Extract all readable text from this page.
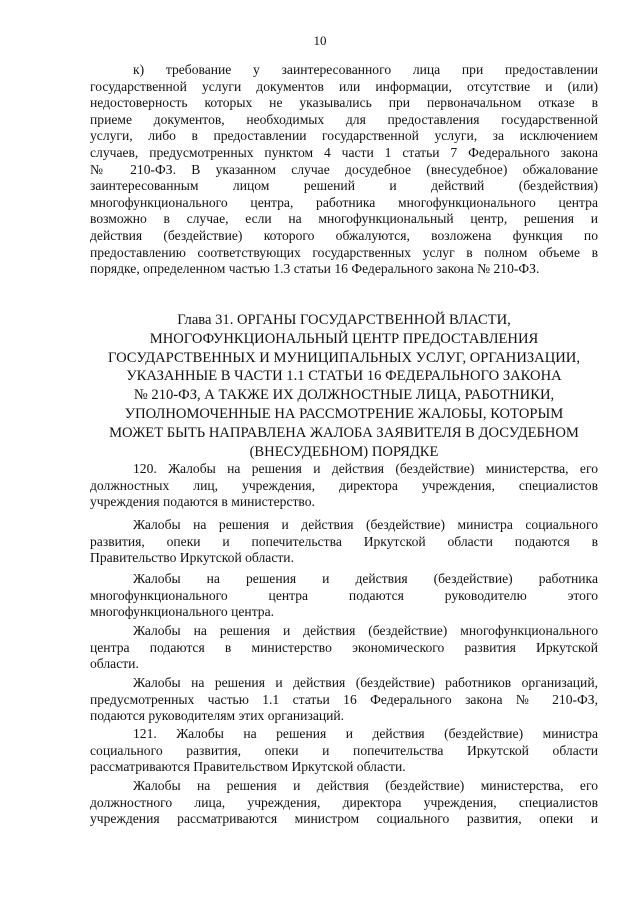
10
к) требование у заинтересованного лица при предоставлении
государственной услуги документов или информации, отсутствие и (или)
недостоверность которых не указывались при первоначальном отказе в
приеме документов, необходимых для предоставления государственной
услуги, либо в предоставлении государственной услуги, за исключением
случаев, предусмотренных пунктом 4 части 1 статьи 7 Федерального закона
№ 210-ФЗ. В указанном случае досудебное (внесудебное) обжалование
заинтересованным лицом решений и действий (бездействия)
многофункционального центра, работника многофункционального центра
возможно в случае, если на многофункциональный центр, решения и
действия (бездействие) которого обжалуются, возложена функция по
предоставлению соответствующих государственных услуг в полном объеме в
порядке, определенном частью 1.3 статьи 16 Федерального закона № 210-ФЗ.
Глава 31. ОРГАНЫ ГОСУДАРСТВЕННОЙ ВЛАСТИ,
МНОГОФУНКЦИОНАЛЬНЫЙ ЦЕНТР ПРЕДОСТАВЛЕНИЯ
ГОСУДАРСТВЕННЫХ И МУНИЦИПАЛЬНЫХ УСЛУГ, ОРГАНИЗАЦИИ,
УКАЗАННЫЕ В ЧАСТИ 1.1 СТАТЬИ 16 ФЕДЕРАЛЬНОГО ЗАКОНА
№ 210-ФЗ, А ТАКЖЕ ИХ ДОЛЖНОСТНЫЕ ЛИЦА, РАБОТНИКИ,
УПОЛНОМОЧЕННЫЕ НА РАССМОТРЕНИЕ ЖАЛОБЫ, КОТОРЫМ
МОЖЕТ БЫТЬ НАПРАВЛЕНА ЖАЛОБА ЗАЯВИТЕЛЯ В ДОСУДЕБНОМ
(ВНЕСУДЕБНОМ) ПОРЯДКЕ
120. Жалобы на решения и действия (бездействие) министерства, его
должностных лиц, учреждения, директора учреждения, специалистов
учреждения подаются в министерство.
Жалобы на решения и действия (бездействие) министра социального
развития, опеки и попечительства Иркутской области подаются в
Правительство Иркутской области.
Жалобы на решения и действия (бездействие) работника
многофункционального центра подаются руководителю этого
многофункционального центра.
Жалобы на решения и действия (бездействие) многофункционального
центра подаются в министерство экономического развития Иркутской
области.
Жалобы на решения и действия (бездействие) работников организаций,
предусмотренных частью 1.1 статьи 16 Федерального закона № 210-ФЗ,
подаются руководителям этих организаций.
121. Жалобы на решения и действия (бездействие) министра
социального развития, опеки и попечительства Иркутской области
рассматриваются Правительством Иркутской области.
Жалобы на решения и действия (бездействие) министерства, его
должностного лица, учреждения, директора учреждения, специалистов
учреждения рассматриваются министром социального развития, опеки и
